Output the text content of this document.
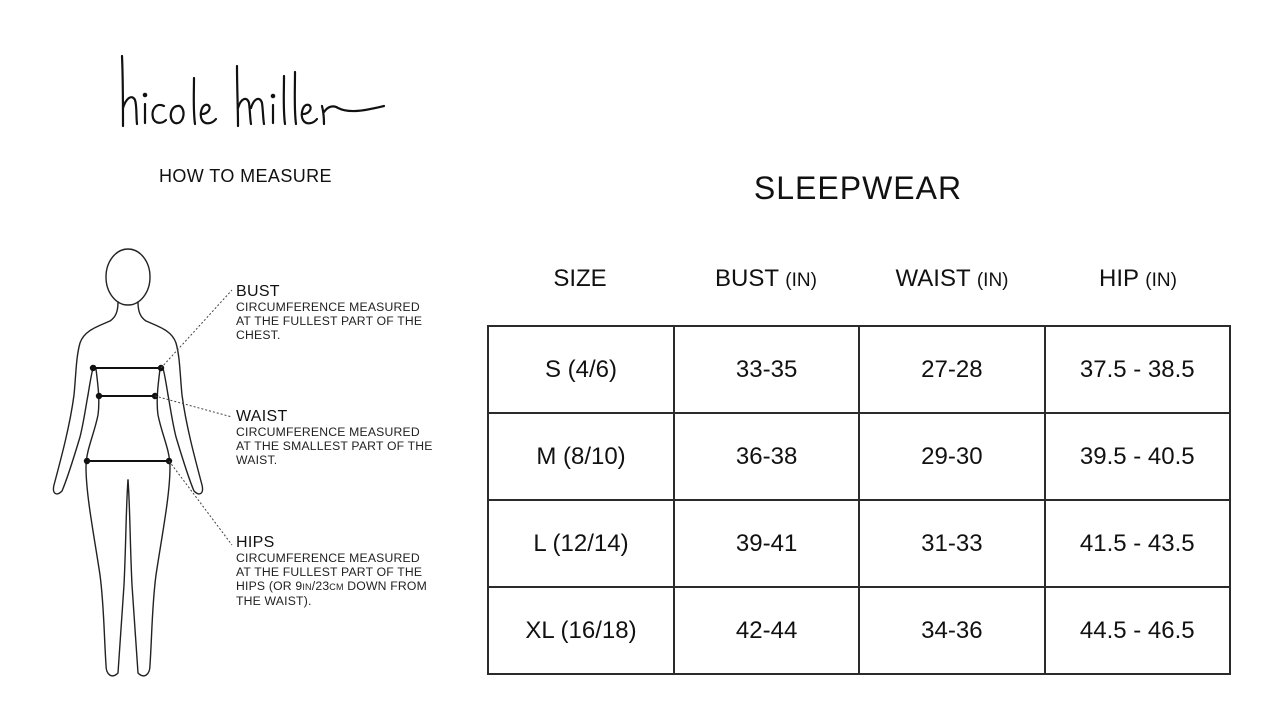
HOW TO MEASURE
BUST
CIRCUMFERENCE MEASURED
AT THE FULLEST PART OF THE
CHEST.
WAIST
CIRCUMFERENCE MEASURED
AT THE SMALLEST PART OF THE
WAIST.
HIPS
CIRCUMFERENCE MEASURED
AT THE FULLEST PART OF THE
HIPS (OR 9IN/23CM DOWN FROM
THE WAIST).
SLEEPWEAR
SIZE	BUST (IN)	WAIST (IN)	HIP (IN)
S (4/6)	33-35	27-28	37.5 - 38.5
M (8/10)	36-38	29-30	39.5 - 40.5
L (12/14)	39-41	31-33	41.5 - 43.5
XL (16/18)	42-44	34-36	44.5 - 46.5
